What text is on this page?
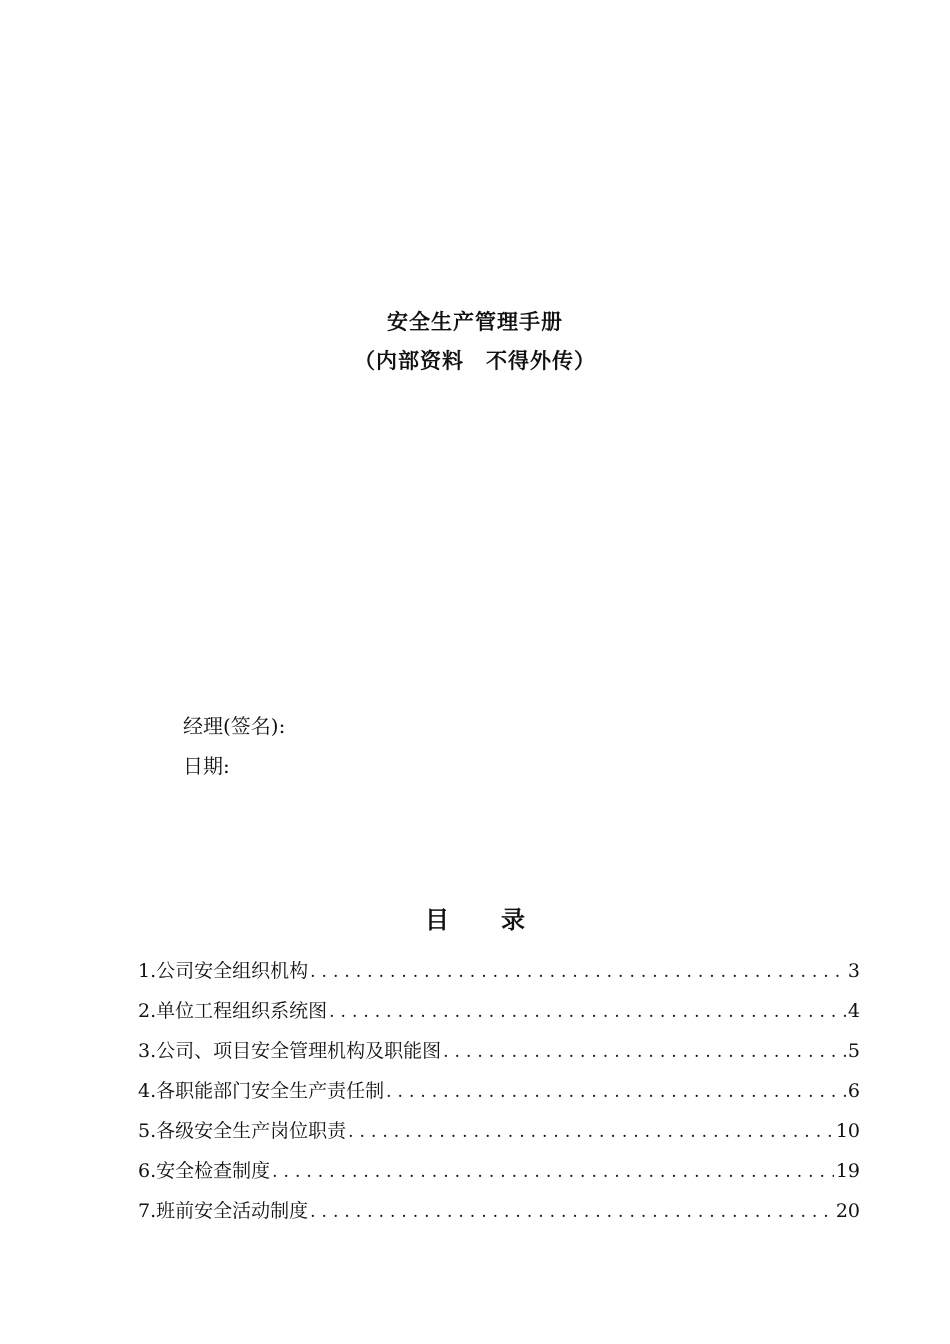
安全生产管理手册
（内部资料　不得外传）
经理(签名):
日期:
目 录
1.公司安全组织机构 .....	3
2.单位工程组织系统图 .....	4
3.公司、项目安全管理机构及职能图 .....	5
4.各职能部门安全生产责任制 .....	6
5.各级安全生产岗位职责 .....	10
6.安全检查制度 .....	19
7.班前安全活动制度 .....	20
